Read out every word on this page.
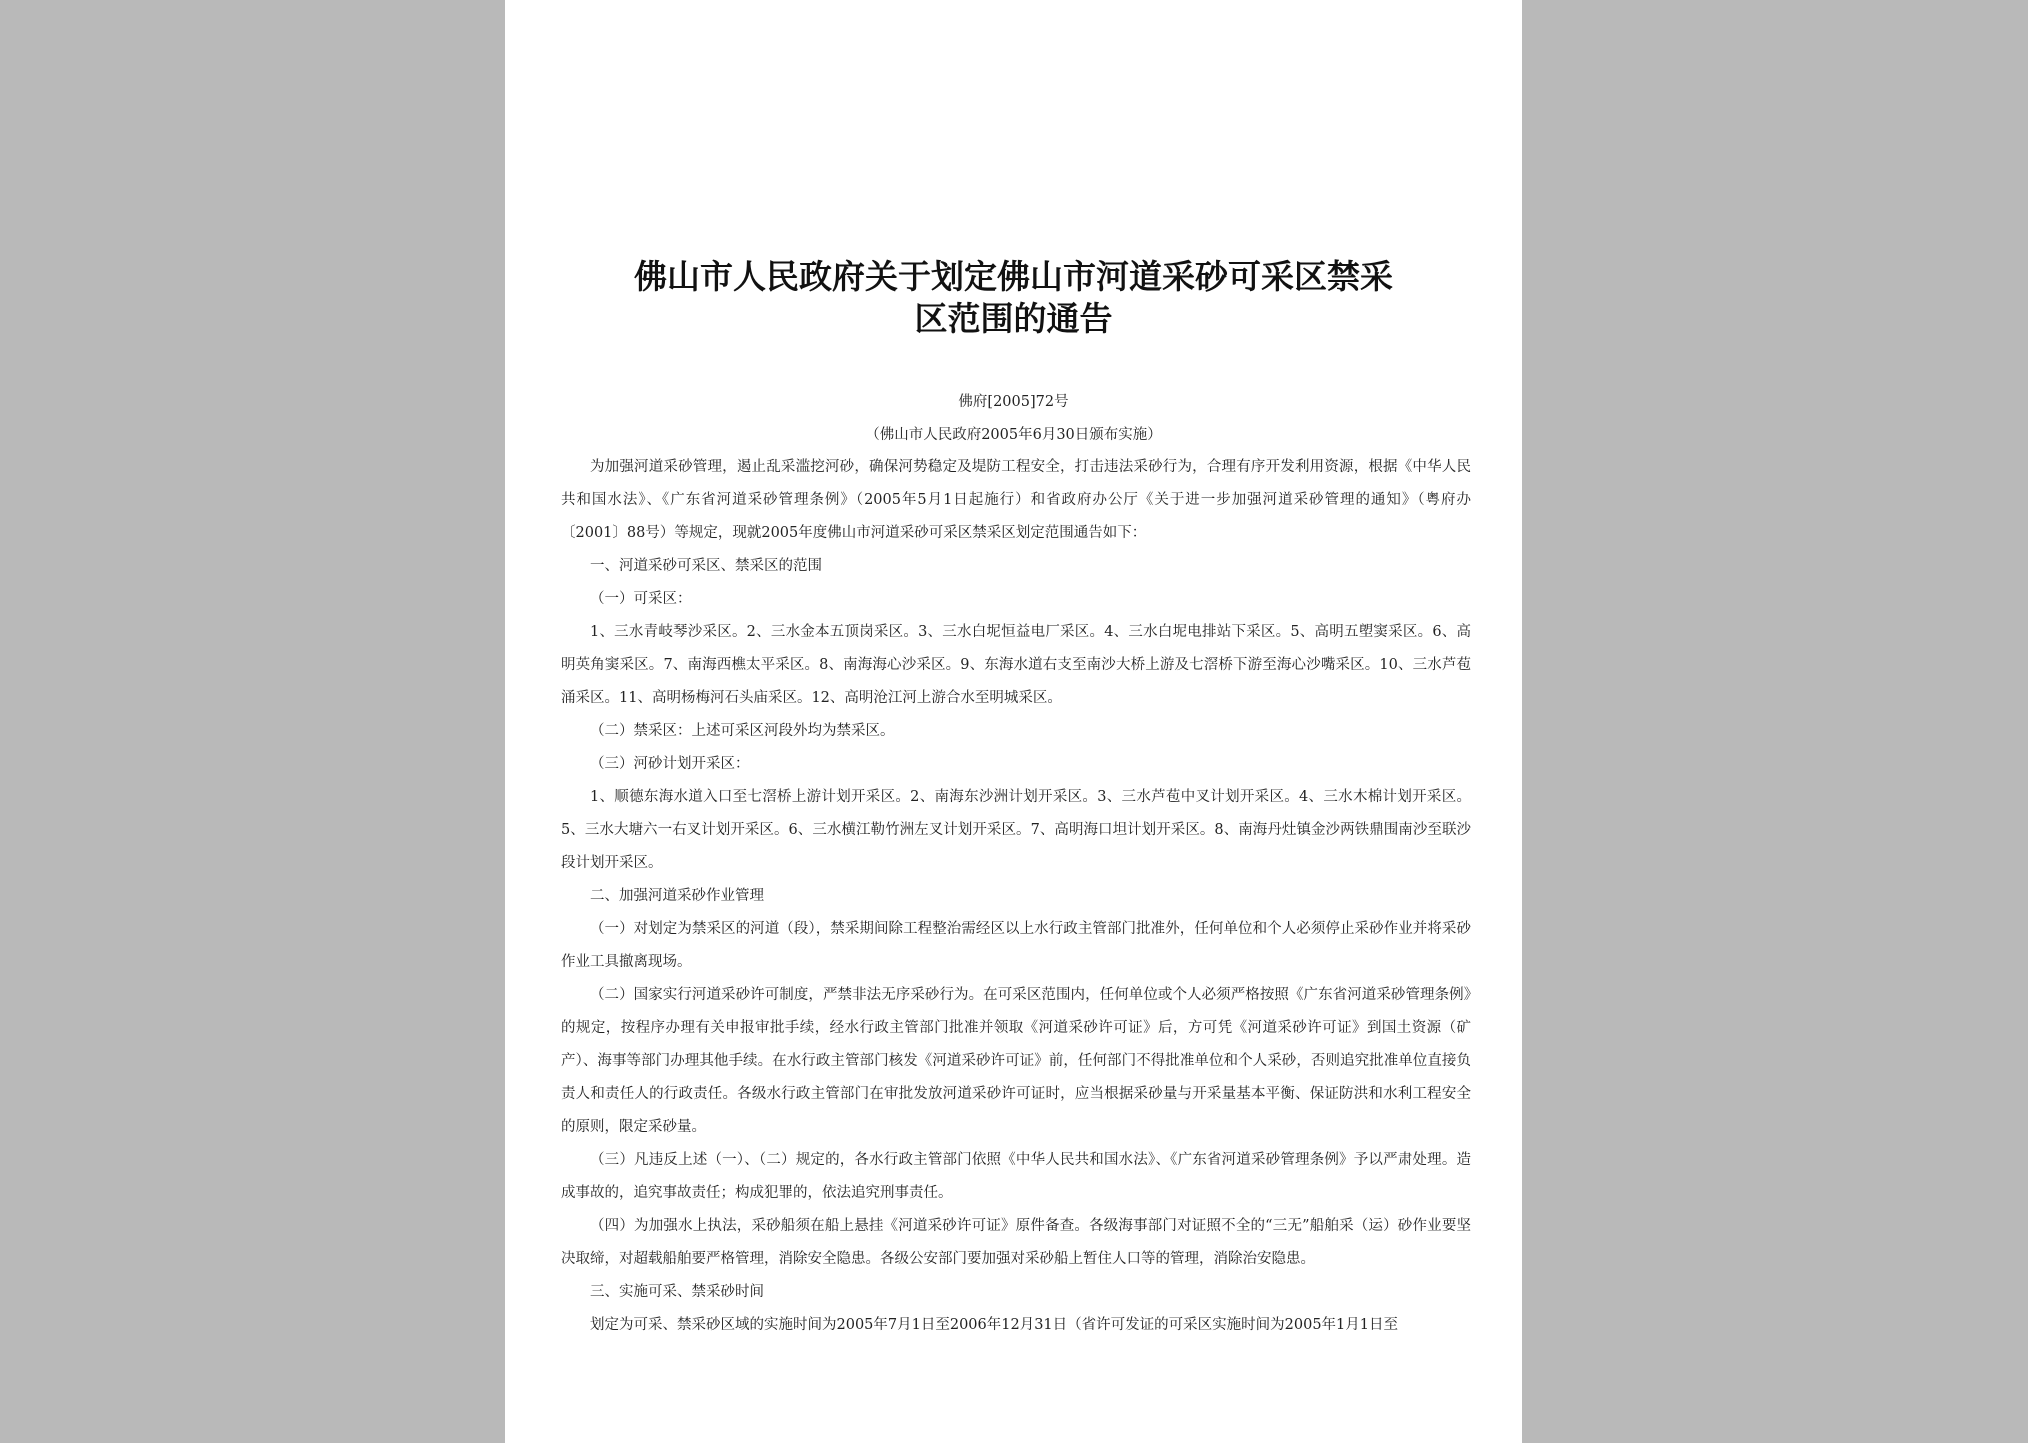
佛山市人民政府关于划定佛山市河道采砂可采区禁采
区范围的通告
佛府[2005]72号
（佛山市人民政府2005年6月30日颁布实施）

为加强河道采砂管理，遏止乱采滥挖河砂，确保河势稳定及堤防工程安全，打击违法采砂行为，合理有序开发利用资源，根据《中华人民共和国水法》、《广东省河道采砂管理条例》（2005年5月1日起施行）和省政府办公厅《关于进一步加强河道采砂管理的通知》（粤府办〔2001〕88号）等规定，现就2005年度佛山市河道采砂可采区禁采区划定范围通告如下：

一、河道采砂可采区、禁采区的范围

（一）可采区：

1、三水青岐琴沙采区。2、三水金本五顶岗采区。3、三水白坭恒益电厂采区。4、三水白坭电排站下采区。5、高明五塱窦采区。6、高明英角窦采区。7、南海西樵太平采区。8、南海海心沙采区。9、东海水道右支至南沙大桥上游及七滘桥下游至海心沙嘴采区。10、三水芦苞涌采区。11、高明杨梅河石头庙采区。12、高明沧江河上游合水至明城采区。

（二）禁采区：上述可采区河段外均为禁采区。

（三）河砂计划开采区：

1、顺德东海水道入口至七滘桥上游计划开采区。2、南海东沙洲计划开采区。3、三水芦苞中叉计划开采区。4、三水木棉计划开采区。5、三水大塘六一右叉计划开采区。6、三水横江勒竹洲左叉计划开采区。7、高明海口坦计划开采区。8、南海丹灶镇金沙两铁鼎围南沙至联沙段计划开采区。

二、加强河道采砂作业管理

（一）对划定为禁采区的河道（段），禁采期间除工程整治需经区以上水行政主管部门批准外，任何单位和个人必须停止采砂作业并将采砂作业工具撤离现场。

（二）国家实行河道采砂许可制度，严禁非法无序采砂行为。在可采区范围内，任何单位或个人必须严格按照《广东省河道采砂管理条例》的规定，按程序办理有关申报审批手续，经水行政主管部门批准并领取《河道采砂许可证》后，方可凭《河道采砂许可证》到国土资源（矿产）、海事等部门办理其他手续。在水行政主管部门核发《河道采砂许可证》前，任何部门不得批准单位和个人采砂，否则追究批准单位直接负责人和责任人的行政责任。各级水行政主管部门在审批发放河道采砂许可证时，应当根据采砂量与开采量基本平衡、保证防洪和水利工程安全的原则，限定采砂量。

（三）凡违反上述（一）、（二）规定的，各水行政主管部门依照《中华人民共和国水法》、《广东省河道采砂管理条例》予以严肃处理。造成事故的，追究事故责任；构成犯罪的，依法追究刑事责任。

（四）为加强水上执法，采砂船须在船上悬挂《河道采砂许可证》原件备查。各级海事部门对证照不全的“三无”船舶采（运）砂作业要坚决取缔，对超载船舶要严格管理，消除安全隐患。各级公安部门要加强对采砂船上暂住人口等的管理，消除治安隐患。

三、实施可采、禁采砂时间

划定为可采、禁采砂区域的实施时间为2005年7月1日至2006年12月31日（省许可发证的可采区实施时间为2005年1月1日至
